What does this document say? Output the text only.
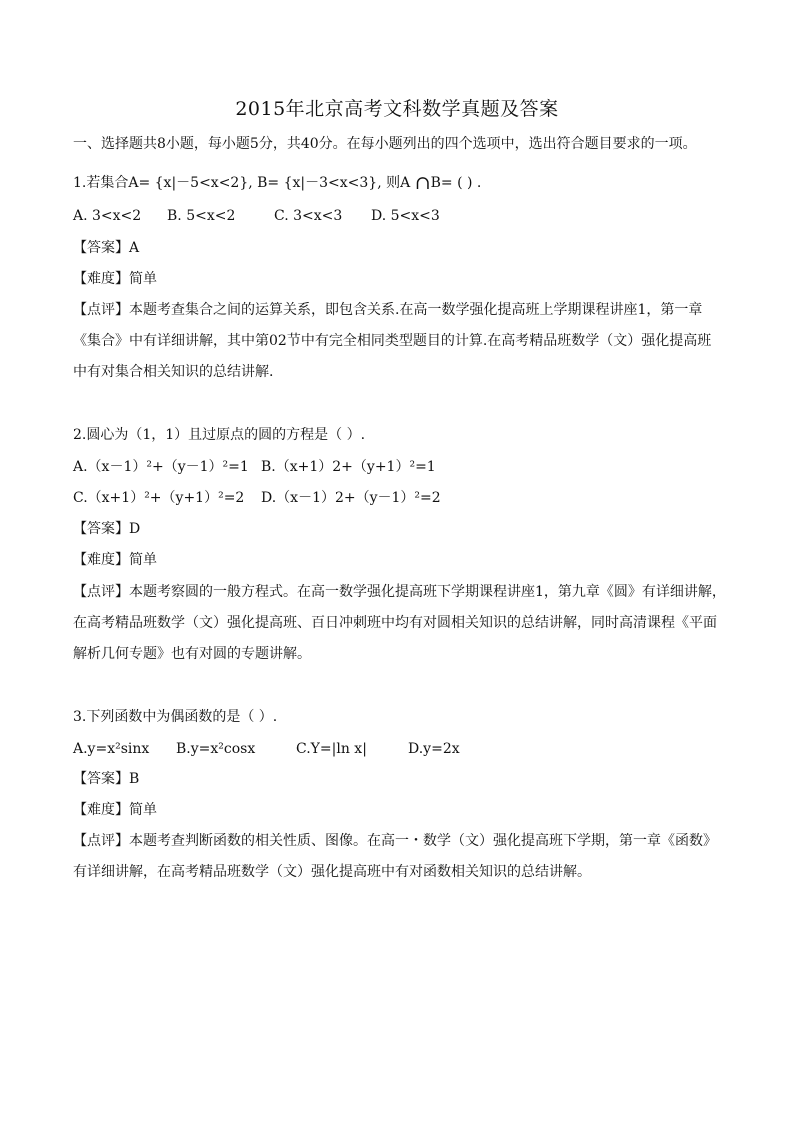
2015年北京高考文科数学真题及答案
一、选择题共8小题，每小题5分，共40分。在每小题列出的四个选项中，选出符合题目要求的一项。
1.若集合A= {x|－5<x<2}, B= {x|－3<x<3}, 则A ∩B= ( ) .
A. 3<x<2 B. 5<x<2	C. 3<x<3 D. 5<x<3
【答案】A
【难度】简单
【点评】本题考查集合之间的运算关系，即包含关系.在高一数学强化提高班上学期课程讲座1，第一章
《集合》中有详细讲解，其中第02节中有完全相同类型题目的计算.在高考精品班数学（文）强化提高班
中有对集合相关知识的总结讲解.
2.圆心为（1，1）且过原点的圆的方程是（ ）.
A.（x－1）²+（y－1）²=1 B.（x+1）2+（y+1）²=1
C.（x+1）²+（y+1）²=2 D.（x－1）2+（y－1）²=2
【答案】D
【难度】简单
【点评】本题考察圆的一般方程式。在高一数学强化提高班下学期课程讲座1，第九章《圆》有详细讲解，
在高考精品班数学（文）强化提高班、百日冲刺班中均有对圆相关知识的总结讲解，同时高清课程《平面
解析几何专题》也有对圆的专题讲解。
3.下列函数中为偶函数的是（ ）.
A.y=x²sinx B.y=x²cosx	C.Y=|ln x|	D.y=2x
【答案】B
【难度】简单
【点评】本题考查判断函数的相关性质、图像。在高一・数学（文）强化提高班下学期，第一章《函数》
有详细讲解，在高考精品班数学（文）强化提高班中有对函数相关知识的总结讲解。
